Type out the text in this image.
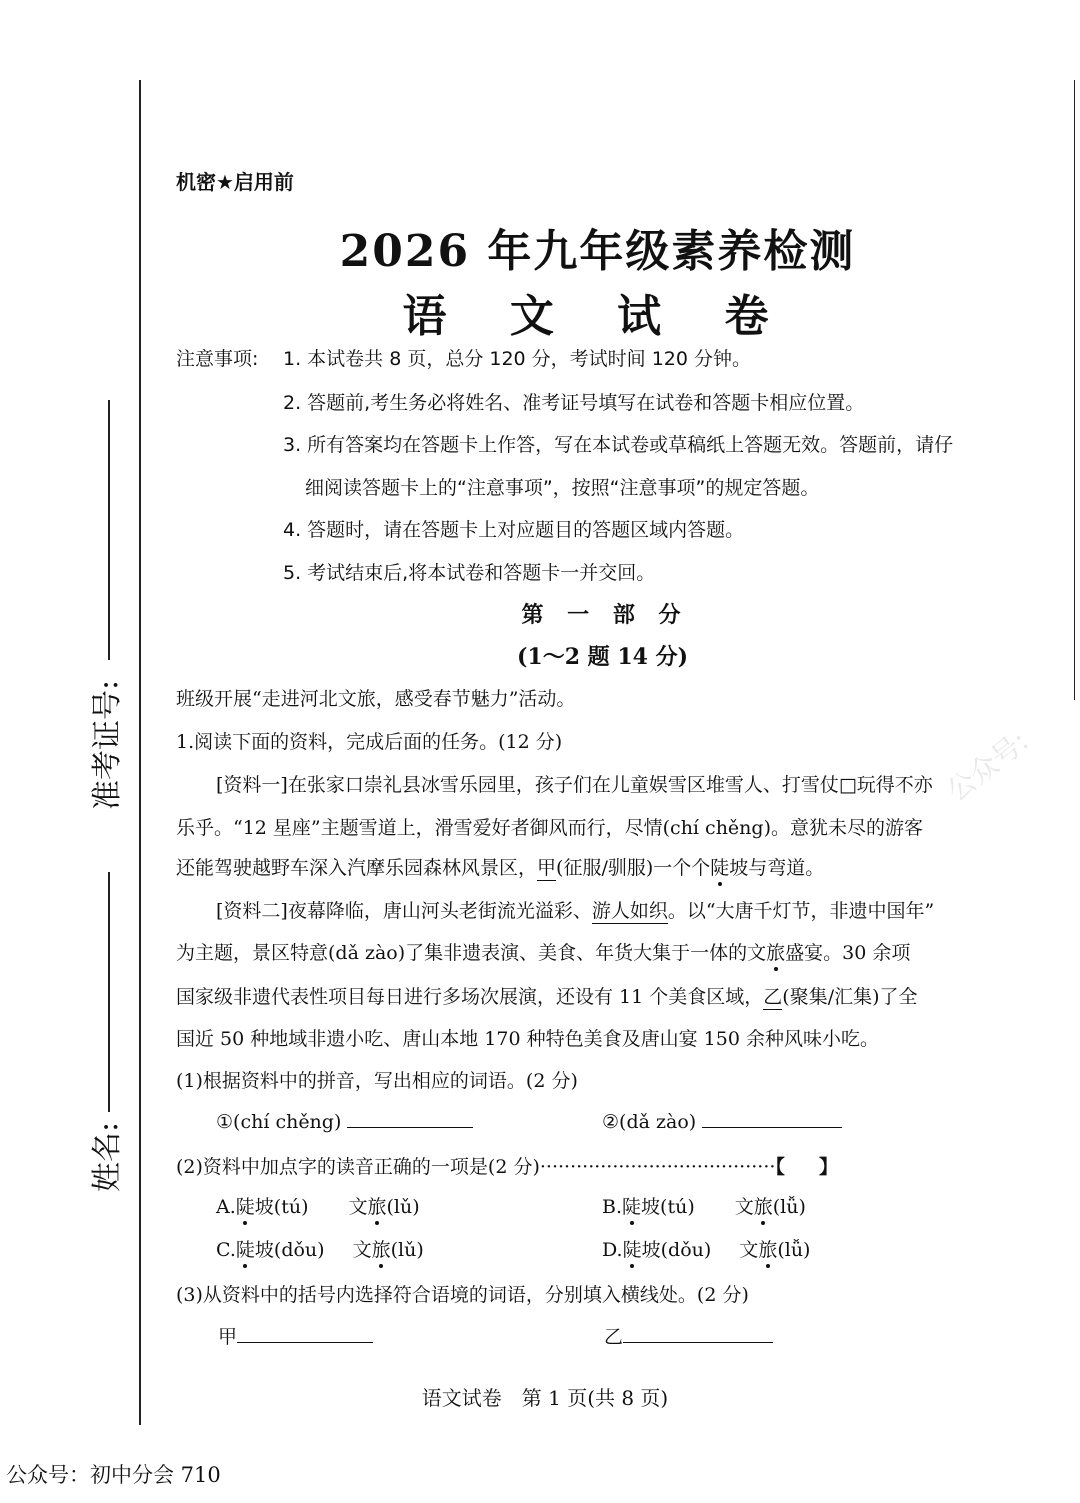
准考证号:
姓名:
公众号:
机密★启用前
2026 年九年级素养检测
语 文 试 卷
注意事项: 1. 本试卷共 8 页，总分 120 分，考试时间 120 分钟。
2. 答题前,考生务必将姓名、准考证号填写在试卷和答题卡相应位置。
3. 所有答案均在答题卡上作答，写在本试卷或草稿纸上答题无效。答题前，请仔
细阅读答题卡上的“注意事项”，按照“注意事项”的规定答题。
4. 答题时，请在答题卡上对应题目的答题区域内答题。
5. 考试结束后,将本试卷和答题卡一并交回。
第 一 部 分
(1～2 题 14 分)
班级开展“走进河北文旅，感受春节魅力”活动。
1.阅读下面的资料，完成后面的任务。(12 分)
[资料一]在张家口崇礼县冰雪乐园里，孩子们在儿童娱雪区堆雪人、打雪仗□玩得不亦
乐乎。“12 星座”主题雪道上，滑雪爱好者御风而行，尽情(chí chěng)。意犹未尽的游客
还能驾驶越野车深入汽摩乐园森林风景区，甲(征服/驯服)一个个陡坡与弯道。
[资料二]夜幕降临，唐山河头老街流光溢彩、游人如织。以“大唐千灯节，非遗中国年”
为主题，景区特意(dǎ zào)了集非遗表演、美食、年货大集于一体的文旅盛宴。30 余项
国家级非遗代表性项目每日进行多场次展演，还设有 11 个美食区域，乙(聚集/汇集)了全
国近 50 种地域非遗小吃、唐山本地 170 种特色美食及唐山宴 150 余种风味小吃。
(1)根据资料中的拼音，写出相应的词语。(2 分)
①(chí chěng)	②(dǎ zào)
(2)资料中加点字的读音正确的一项是(2 分)·······································【 】
A.陡坡(tú) 文旅(lǔ)	B.陡坡(tú) 文旅(lǚ)
C.陡坡(dǒu) 文旅(lǔ)	D.陡坡(dǒu) 文旅(lǚ)
(3)从资料中的括号内选择符合语境的词语，分别填入横线处。(2 分)
甲	乙
语文试卷　第 1 页(共 8 页)
公众号：初中分会 710
